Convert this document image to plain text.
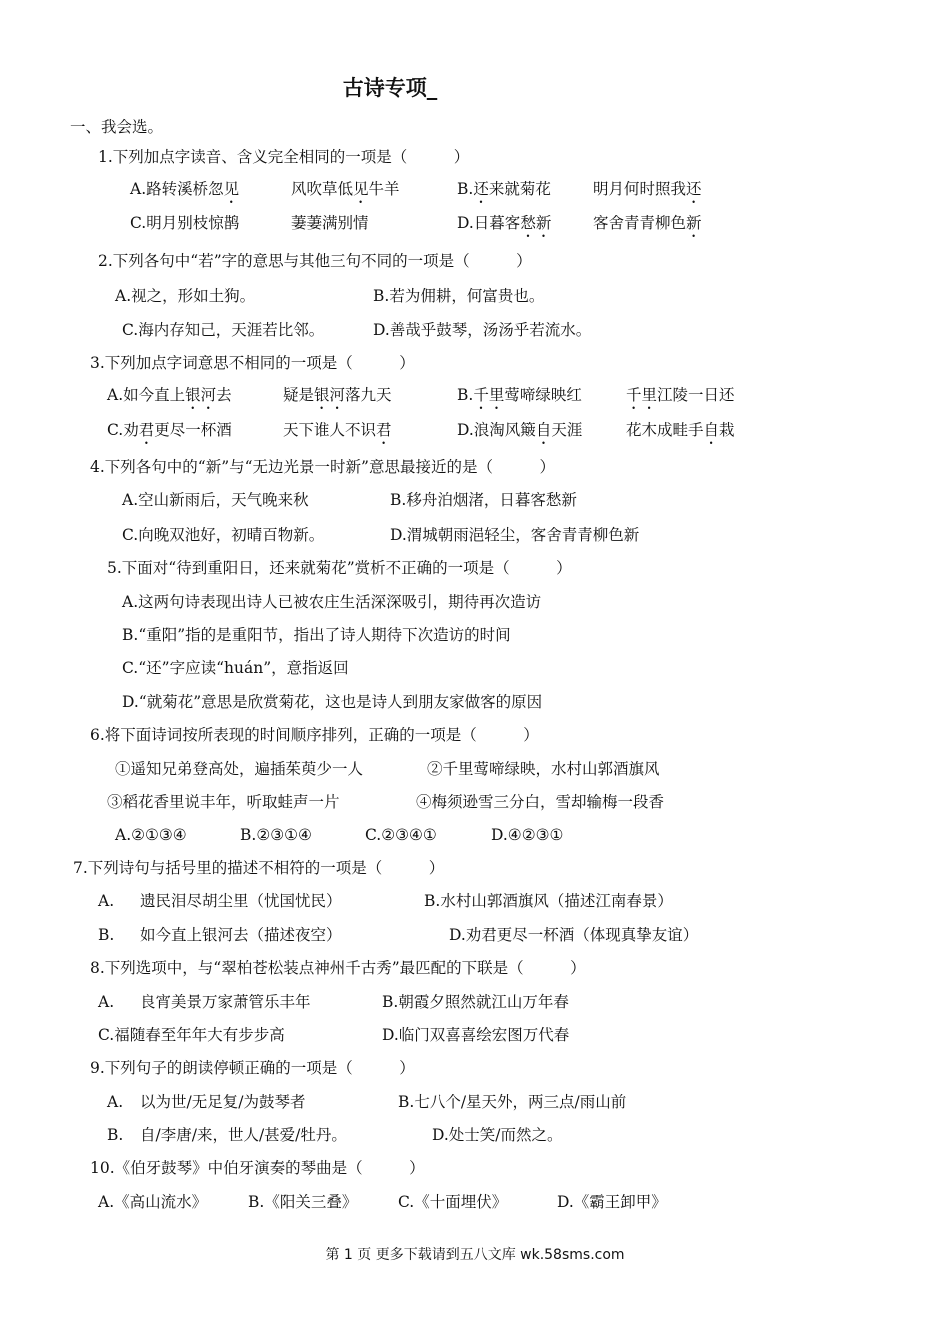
古诗专项_
一、我会选。
1.下列加点字读音、含义完全相同的一项是（　　　）
A.路转溪桥忽见	风吹草低见牛羊	B.还来就菊花	明月何时照我还
C.明月别枝惊鹊	萋萋满别情	D.日暮客愁新	客舍青青柳色新
2.下列各句中“若”字的意思与其他三句不同的一项是（　　　）
A.视之，形如土狗。	B.若为佣耕，何富贵也。
C.海内存知己，天涯若比邻。	D.善哉乎鼓琴，汤汤乎若流水。
3.下列加点字词意思不相同的一项是（　　　）
A.如今直上银河去	疑是银河落九天	B.千里莺啼绿映红	千里江陵一日还
C.劝君更尽一杯酒	天下谁人不识君	D.浪淘风簸自天涯	花木成畦手自栽
4.下列各句中的“新”与“无边光景一时新”意思最接近的是（　　　）
A.空山新雨后，天气晚来秋	B.移舟泊烟渚，日暮客愁新
C.向晚双池好，初晴百物新。	D.渭城朝雨浥轻尘，客舍青青柳色新
5.下面对“待到重阳日，还来就菊花”赏析不正确的一项是（　　　）
A.这两句诗表现出诗人已被农庄生活深深吸引，期待再次造访
B.“重阳”指的是重阳节，指出了诗人期待下次造访的时间
C.“还”字应读“huán”，意指返回
D.“就菊花”意思是欣赏菊花，这也是诗人到朋友家做客的原因
6.将下面诗词按所表现的时间顺序排列，正确的一项是（　　　）
①遥知兄弟登高处，遍插茱萸少一人	②千里莺啼绿映，水村山郭酒旗风
③稻花香里说丰年，听取蛙声一片	④梅须逊雪三分白，雪却输梅一段香
A.②①③④	B.②③①④	C.②③④①	D.④②③①
7.下列诗句与括号里的描述不相符的一项是（　　　）
A. 遗民泪尽胡尘里（忧国忧民）	B.水村山郭酒旗风（描述江南春景）
B. 如今直上银河去（描述夜空）	D.劝君更尽一杯酒（体现真挚友谊）
8.下列选项中，与“翠柏苍松装点神州千古秀”最匹配的下联是（　　　）
A. 良宵美景万家萧管乐丰年	B.朝霞夕照然就江山万年春
C.福随春至年年大有步步高	D.临门双喜喜绘宏图万代春
9.下列句子的朗读停顿正确的一项是（　　　）
A. 以为世/无足复/为鼓琴者	B.七八个/星天外，两三点/雨山前
B. 自/李唐/来，世人/甚爱/牡丹。	D.处士笑/而然之。
10.《伯牙鼓琴》中伯牙演奏的琴曲是（　　　）
A.《高山流水》	B.《阳关三叠》	C.《十面埋伏》	D.《霸王卸甲》
第 1 页 更多下载请到五八文库 wk.58sms.com
